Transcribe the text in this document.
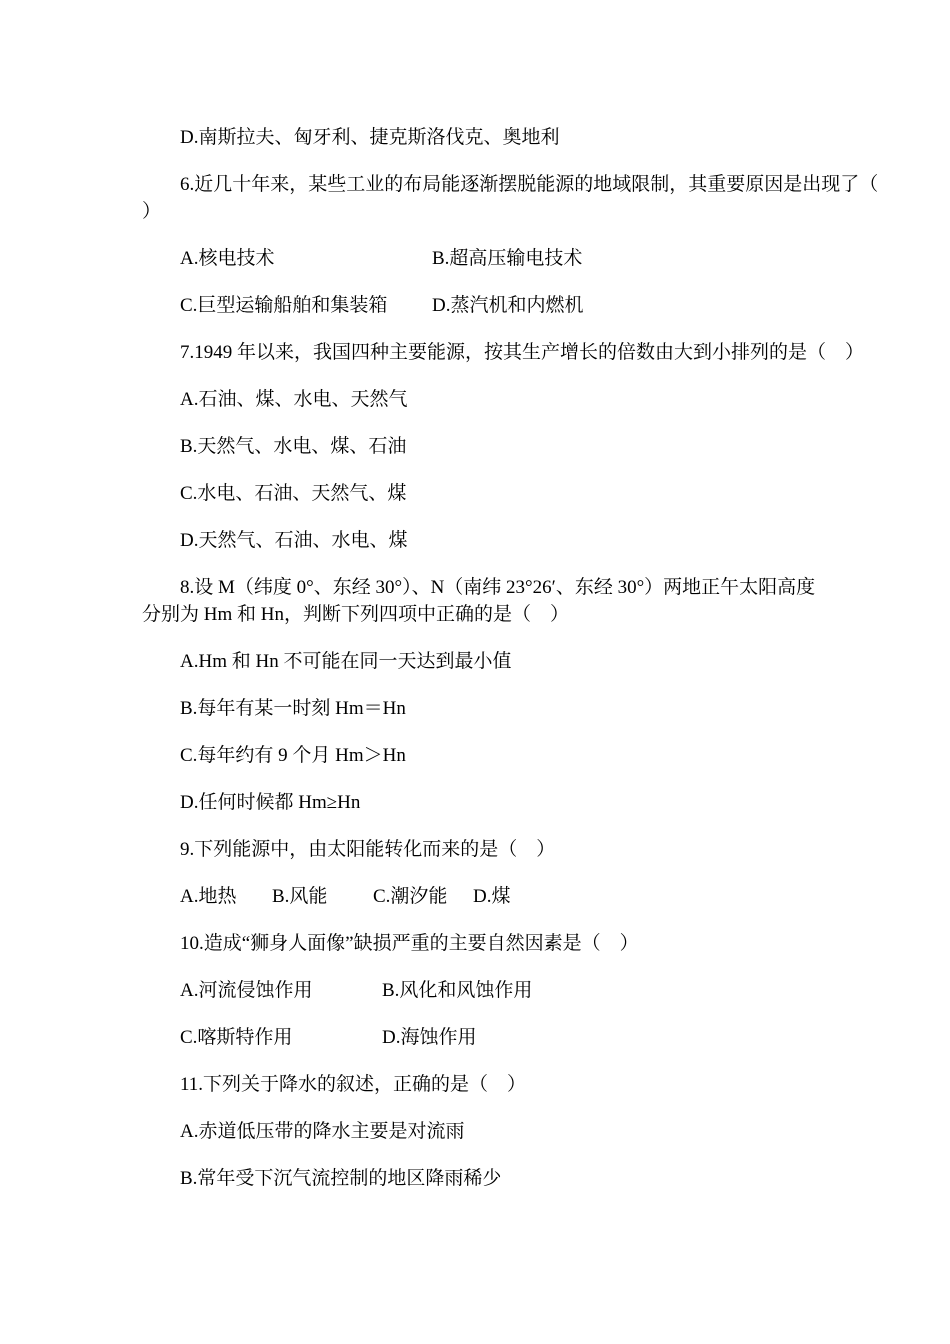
D.南斯拉夫、匈牙利、捷克斯洛伐克、奥地利
6.近几十年来，某些工业的布局能逐渐摆脱能源的地域限制，其重要原因是出现了（
）
A.核电技术	B.超高压输电技术
C.巨型运输船舶和集装箱	D.蒸汽机和内燃机
7.1949 年以来，我国四种主要能源，按其生产增长的倍数由大到小排列的是（　）
A.石油、煤、水电、天然气
B.天然气、水电、煤、石油
C.水电、石油、天然气、煤
D.天然气、石油、水电、煤
8.设 M（纬度 0°、东经 30°）、N（南纬 23°26′、东经 30°）两地正午太阳高度
分别为 Hm 和 Hn，判断下列四项中正确的是（　）
A.Hm 和 Hn 不可能在同一天达到最小值
B.每年有某一时刻 Hm＝Hn
C.每年约有 9 个月 Hm＞Hn
D.任何时候都 Hm≥Hn
9.下列能源中，由太阳能转化而来的是（　）
A.地热	B.风能	C.潮汐能	D.煤
10.造成“狮身人面像”缺损严重的主要自然因素是（　）
A.河流侵蚀作用	B.风化和风蚀作用
C.喀斯特作用	D.海蚀作用
11.下列关于降水的叙述，正确的是（　）
A.赤道低压带的降水主要是对流雨
B.常年受下沉气流控制的地区降雨稀少
